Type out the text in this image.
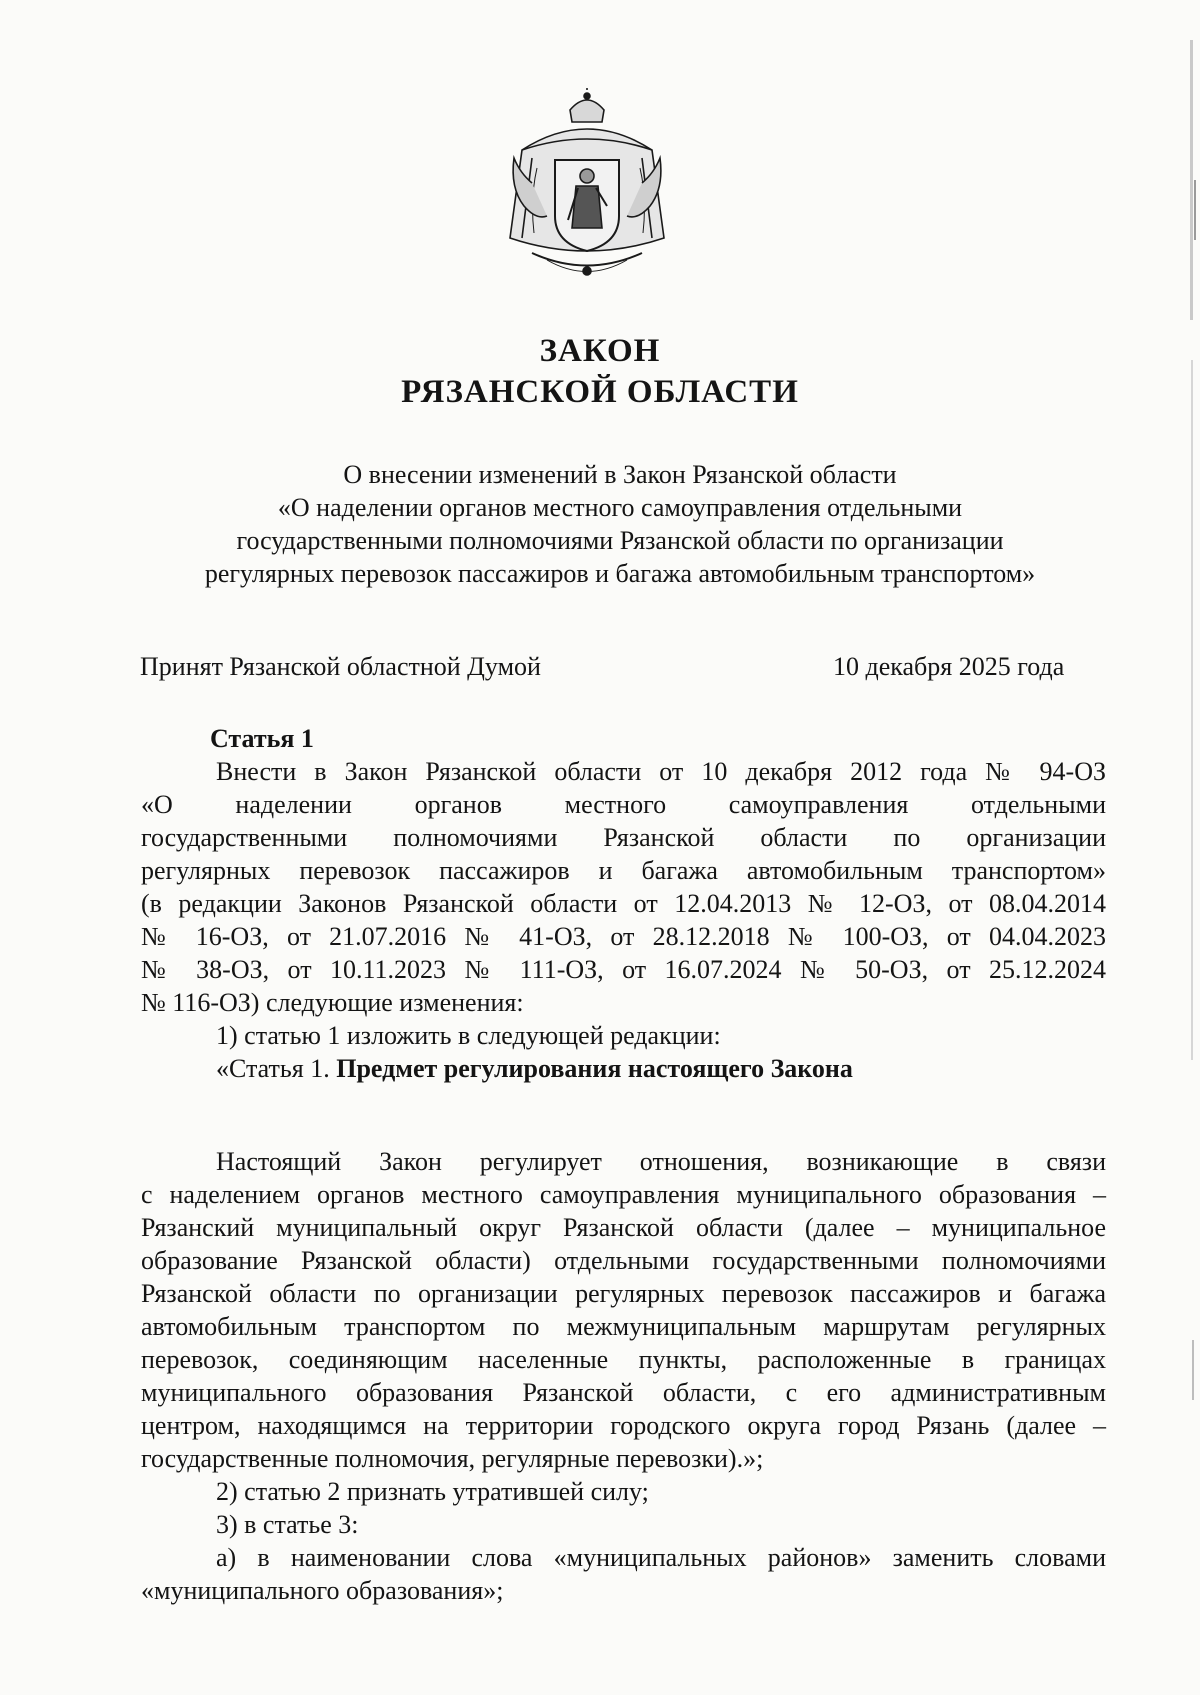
ЗАКОН
РЯЗАНСКОЙ ОБЛАСТИ
О внесении изменений в Закон Рязанской области
«О наделении органов местного самоуправления отдельными
государственными полномочиями Рязанской области по организации
регулярных перевозок пассажиров и багажа автомобильным транспортом»
Принят Рязанской областной Думой	10 декабря 2025 года
Статья 1

Внести в Закон Рязанской области от 10 декабря 2012 года № 94-ОЗ

«О наделении органов местного самоуправления отдельными

государственными полномочиями Рязанской области по организации

регулярных перевозок пассажиров и багажа автомобильным транспортом»

(в редакции Законов Рязанской области от 12.04.2013 № 12-ОЗ, от 08.04.2014

№ 16-ОЗ, от 21.07.2016 № 41-ОЗ, от 28.12.2018 № 100-ОЗ, от 04.04.2023

№ 38-ОЗ, от 10.11.2023 № 111-ОЗ, от 16.07.2024 № 50-ОЗ, от 25.12.2024

№ 116-ОЗ) следующие изменения:

1) статью 1 изложить в следующей редакции:

«Статья 1. Предмет регулирования настоящего Закона

Настоящий Закон регулирует отношения, возникающие в связи

с наделением органов местного самоуправления муниципального образования –

Рязанский муниципальный округ Рязанской области (далее – муниципальное

образование Рязанской области) отдельными государственными полномочиями

Рязанской области по организации регулярных перевозок пассажиров и багажа

автомобильным транспортом по межмуниципальным маршрутам регулярных

перевозок, соединяющим населенные пункты, расположенные в границах

муниципального образования Рязанской области, с его административным

центром, находящимся на территории городского округа город Рязань (далее –

государственные полномочия, регулярные перевозки).»;

2) статью 2 признать утратившей силу;

3) в статье 3:

а) в наименовании слова «муниципальных районов» заменить словами

«муниципального образования»;
